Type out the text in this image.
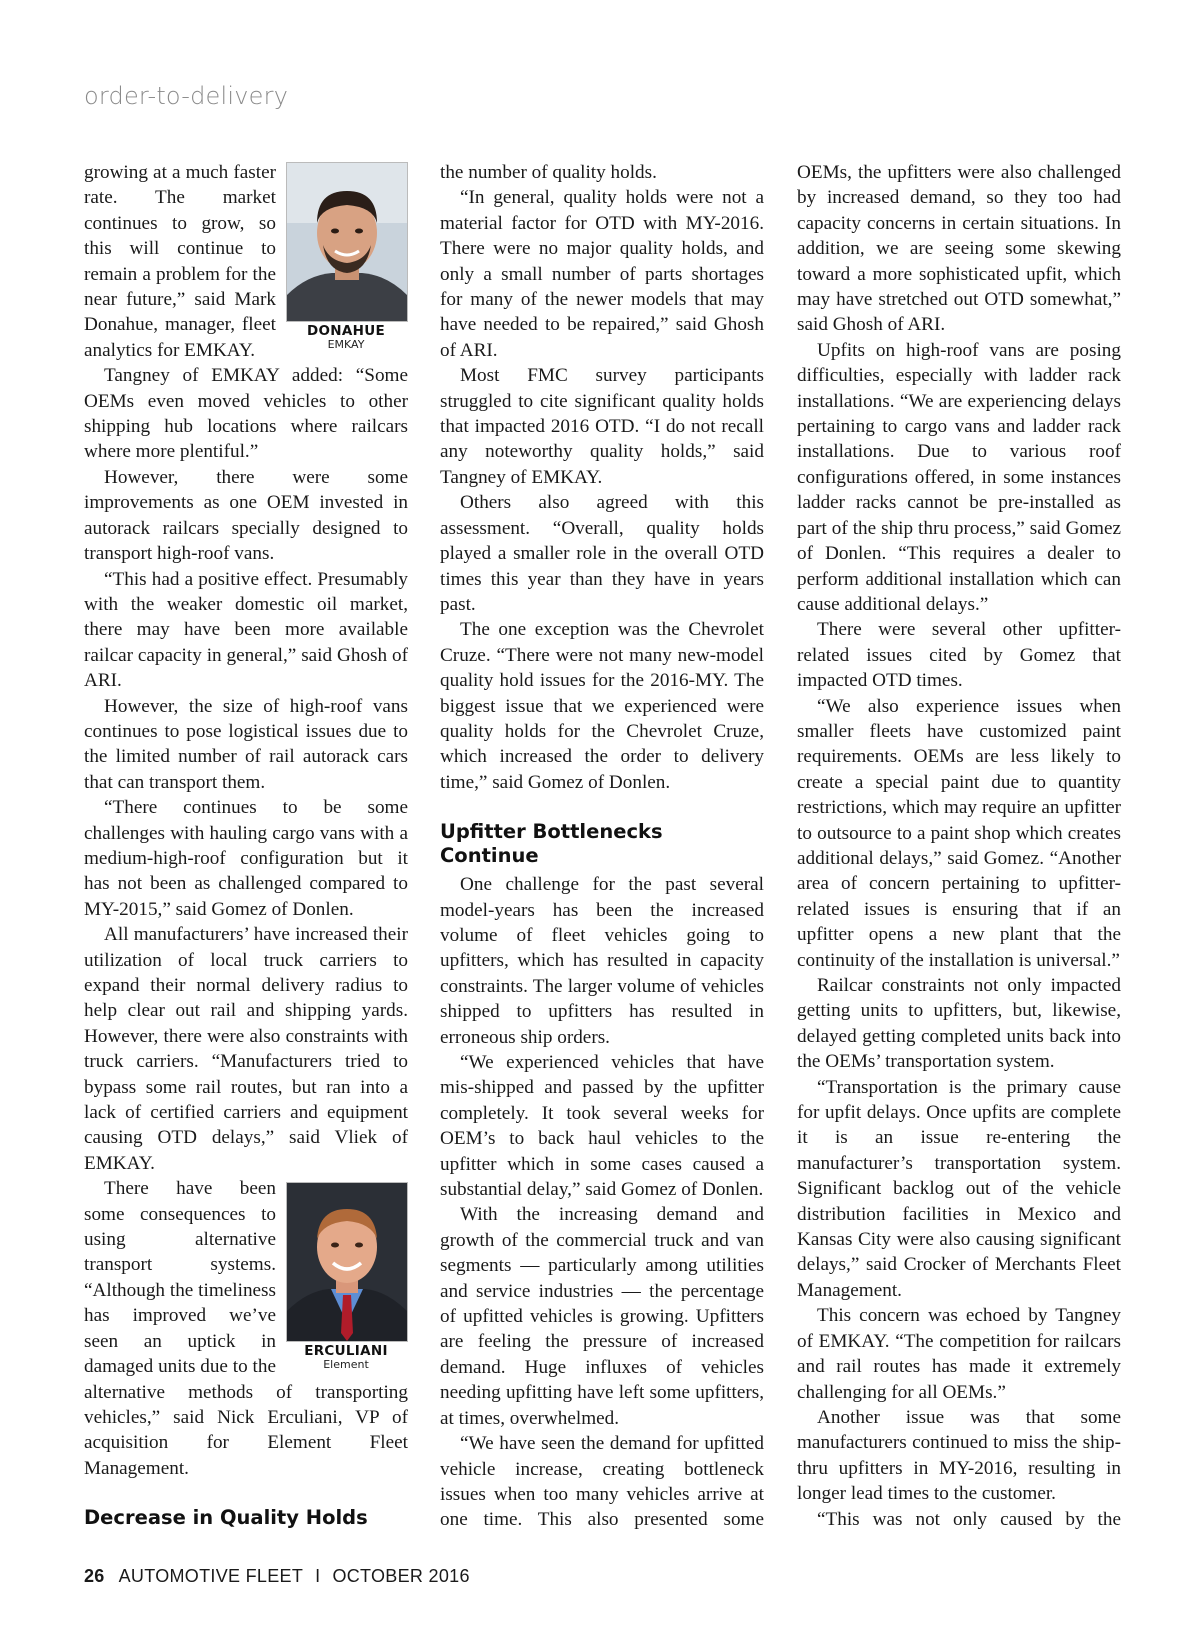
order-to-delivery
DONAHUE
EMKAY

growing at a much faster rate. The market continues to grow, so this will continue to remain a problem for the near future,” said Mark Donahue, manager, fleet analytics for EMKAY.

Tangney of EMKAY added: “Some OEMs even moved vehicles to other shipping hub locations where railcars where more plentiful.”

However, there were some improvements as one OEM invested in autorack railcars specially designed to transport high-roof vans.

“This had a positive effect. Presumably with the weaker domestic oil market, there may have been more available railcar capacity in general,” said Ghosh of ARI.

However, the size of high-roof vans continues to pose logistical issues due to the limited number of rail autorack cars that can transport them.

“There continues to be some challenges with hauling cargo vans with a medium-high-roof configuration but it has not been as challenged compared to MY-2015,” said Gomez of Donlen.

All manufacturers’ have increased their utilization of local truck carriers to expand their normal delivery radius to help clear out rail and shipping yards. However, there were also constraints with truck carriers. “Manufacturers tried to bypass some rail routes, but ran into a lack of certified carriers and equipment causing OTD delays,” said Vliek of EMKAY.

ERCULIANI
Element

There have been some consequences to using alternative transport systems. “Although the timeliness has improved we’ve seen an uptick in damaged units due to the alternative methods of transporting vehicles,” said Nick Erculiani, VP of acquisition for Element Fleet Management.

Decrease in Quality Holds

the number of quality holds.

“In general, quality holds were not a material factor for OTD with MY-2016. There were no major quality holds, and only a small number of parts shortages for many of the newer models that may have needed to be repaired,” said Ghosh of ARI.

Most FMC survey participants struggled to cite significant quality holds that impacted 2016 OTD. “I do not recall any noteworthy quality holds,” said Tangney of EMKAY.

Others also agreed with this assessment. “Overall, quality holds played a smaller role in the overall OTD times this year than they have in years past.

The one exception was the Chevrolet Cruze. “There were not many new-model quality hold issues for the 2016-MY. The biggest issue that we experienced were quality holds for the Chevrolet Cruze, which increased the order to delivery time,” said Gomez of Donlen.

Upfitter Bottlenecks Continue

One challenge for the past several model-years has been the increased volume of fleet vehicles going to upfitters, which has resulted in capacity constraints. The larger volume of vehicles shipped to upfitters has resulted in erroneous ship orders.

“We experienced vehicles that have mis-shipped and passed by the upfitter completely. It took several weeks for OEM’s to back haul vehicles to the upfitter which in some cases caused a substantial delay,” said Gomez of Donlen.

With the increasing demand and growth of the commercial truck and van segments — particularly among utilities and service industries — the percentage of upfitted vehicles is growing. Upfitters are feeling the pressure of increased demand. Huge influxes of vehicles needing upfitting have left some upfitters, at times, overwhelmed.

“We have seen the demand for upfitted vehicle increase, creating bottleneck issues when too many vehicles arrive at one time. This also presented some

OEMs, the upfitters were also challenged by increased demand, so they too had capacity concerns in certain situations. In addition, we are seeing some skewing toward a more sophisticated upfit, which may have stretched out OTD somewhat,” said Ghosh of ARI.

Upfits on high-roof vans are posing difficulties, especially with ladder rack installations. “We are experiencing delays pertaining to cargo vans and ladder rack installations. Due to various roof configurations offered, in some instances ladder racks cannot be pre-installed as part of the ship thru process,” said Gomez of Donlen. “This requires a dealer to perform additional installation which can cause additional delays.”

There were several other upfitter-related issues cited by Gomez that impacted OTD times.

“We also experience issues when smaller fleets have customized paint requirements. OEMs are less likely to create a special paint due to quantity restrictions, which may require an upfitter to outsource to a paint shop which creates additional delays,” said Gomez. “Another area of concern pertaining to upfitter-related issues is ensuring that if an upfitter opens a new plant that the continuity of the installation is universal.”

Railcar constraints not only impacted getting units to upfitters, but, likewise, delayed getting completed units back into the OEMs’ transportation system.

“Transportation is the primary cause for upfit delays. Once upfits are complete it is an issue re-entering the manufacturer’s transportation system. Significant backlog out of the vehicle distribution facilities in Mexico and Kansas City were also causing significant delays,” said Crocker of Merchants Fleet Management.

This concern was echoed by Tangney of EMKAY. “The competition for railcars and rail routes has made it extremely challenging for all OEMs.”

Another issue was that some manufacturers continued to miss the ship-thru upfitters in MY-2016, resulting in longer lead times to the customer.

“This was not only caused by the

26 AUTOMOTIVE FLEET I OCTOBER 2016
